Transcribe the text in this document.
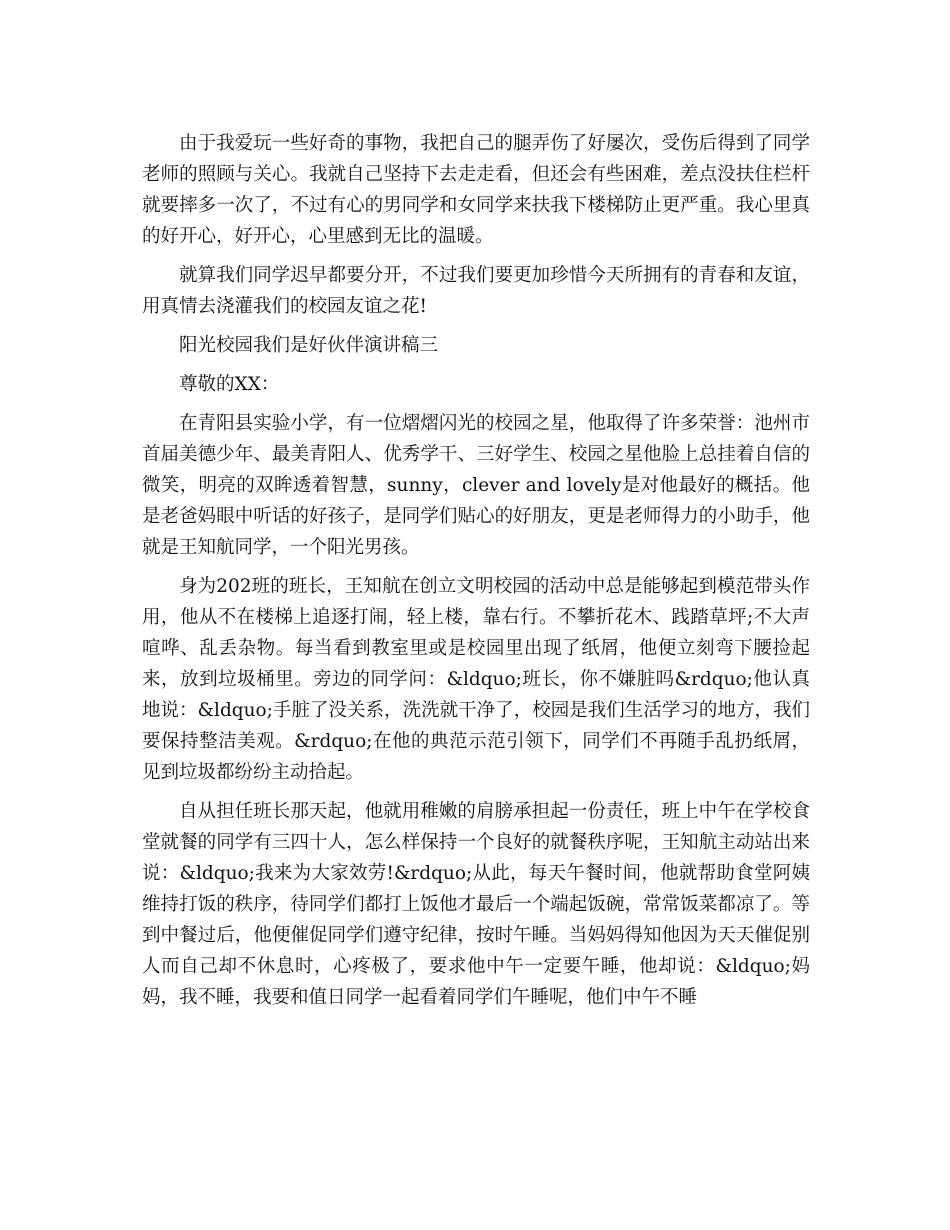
由于我爱玩一些好奇的事物，我把自己的腿弄伤了好屡次，受伤后得到了同学老师的照顾与关心。我就自己坚持下去走走看，但还会有些困难，差点没扶住栏杆就要摔多一次了，不过有心的男同学和女同学来扶我下楼梯防止更严重。我心里真的好开心，好开心，心里感到无比的温暖。

就算我们同学迟早都要分开，不过我们要更加珍惜今天所拥有的青春和友谊，用真情去浇灌我们的校园友谊之花!

阳光校园我们是好伙伴演讲稿三

尊敬的XX：

在青阳县实验小学，有一位熠熠闪光的校园之星，他取得了许多荣誉：池州市首届美德少年、最美青阳人、优秀学干、三好学生、校园之星他脸上总挂着自信的微笑，明亮的双眸透着智慧，sunny，clever and lovely是对他最好的概括。他是老爸妈眼中听话的好孩子，是同学们贴心的好朋友，更是老师得力的小助手，他就是王知航同学，一个阳光男孩。

身为202班的班长，王知航在创立文明校园的活动中总是能够起到模范带头作用，他从不在楼梯上追逐打闹，轻上楼，靠右行。不攀折花木、践踏草坪;不大声喧哗、乱丢杂物。每当看到教室里或是校园里出现了纸屑，他便立刻弯下腰捡起来，放到垃圾桶里。旁边的同学问：&ldquo;班长，你不嫌脏吗&rdquo;他认真地说：&ldquo;手脏了没关系，洗洗就干净了，校园是我们生活学习的地方，我们要保持整洁美观。&rdquo;在他的典范示范引领下，同学们不再随手乱扔纸屑，见到垃圾都纷纷主动拾起。

自从担任班长那天起，他就用稚嫩的肩膀承担起一份责任，班上中午在学校食堂就餐的同学有三四十人，怎么样保持一个良好的就餐秩序呢，王知航主动站出来说：&ldquo;我来为大家效劳!&rdquo;从此，每天午餐时间，他就帮助食堂阿姨维持打饭的秩序，待同学们都打上饭他才最后一个端起饭碗，常常饭菜都凉了。等到中餐过后，他便催促同学们遵守纪律，按时午睡。当妈妈得知他因为天天催促别人而自己却不休息时，心疼极了，要求他中午一定要午睡，他却说：&ldquo;妈妈，我不睡，我要和值日同学一起看着同学们午睡呢，他们中午不睡
